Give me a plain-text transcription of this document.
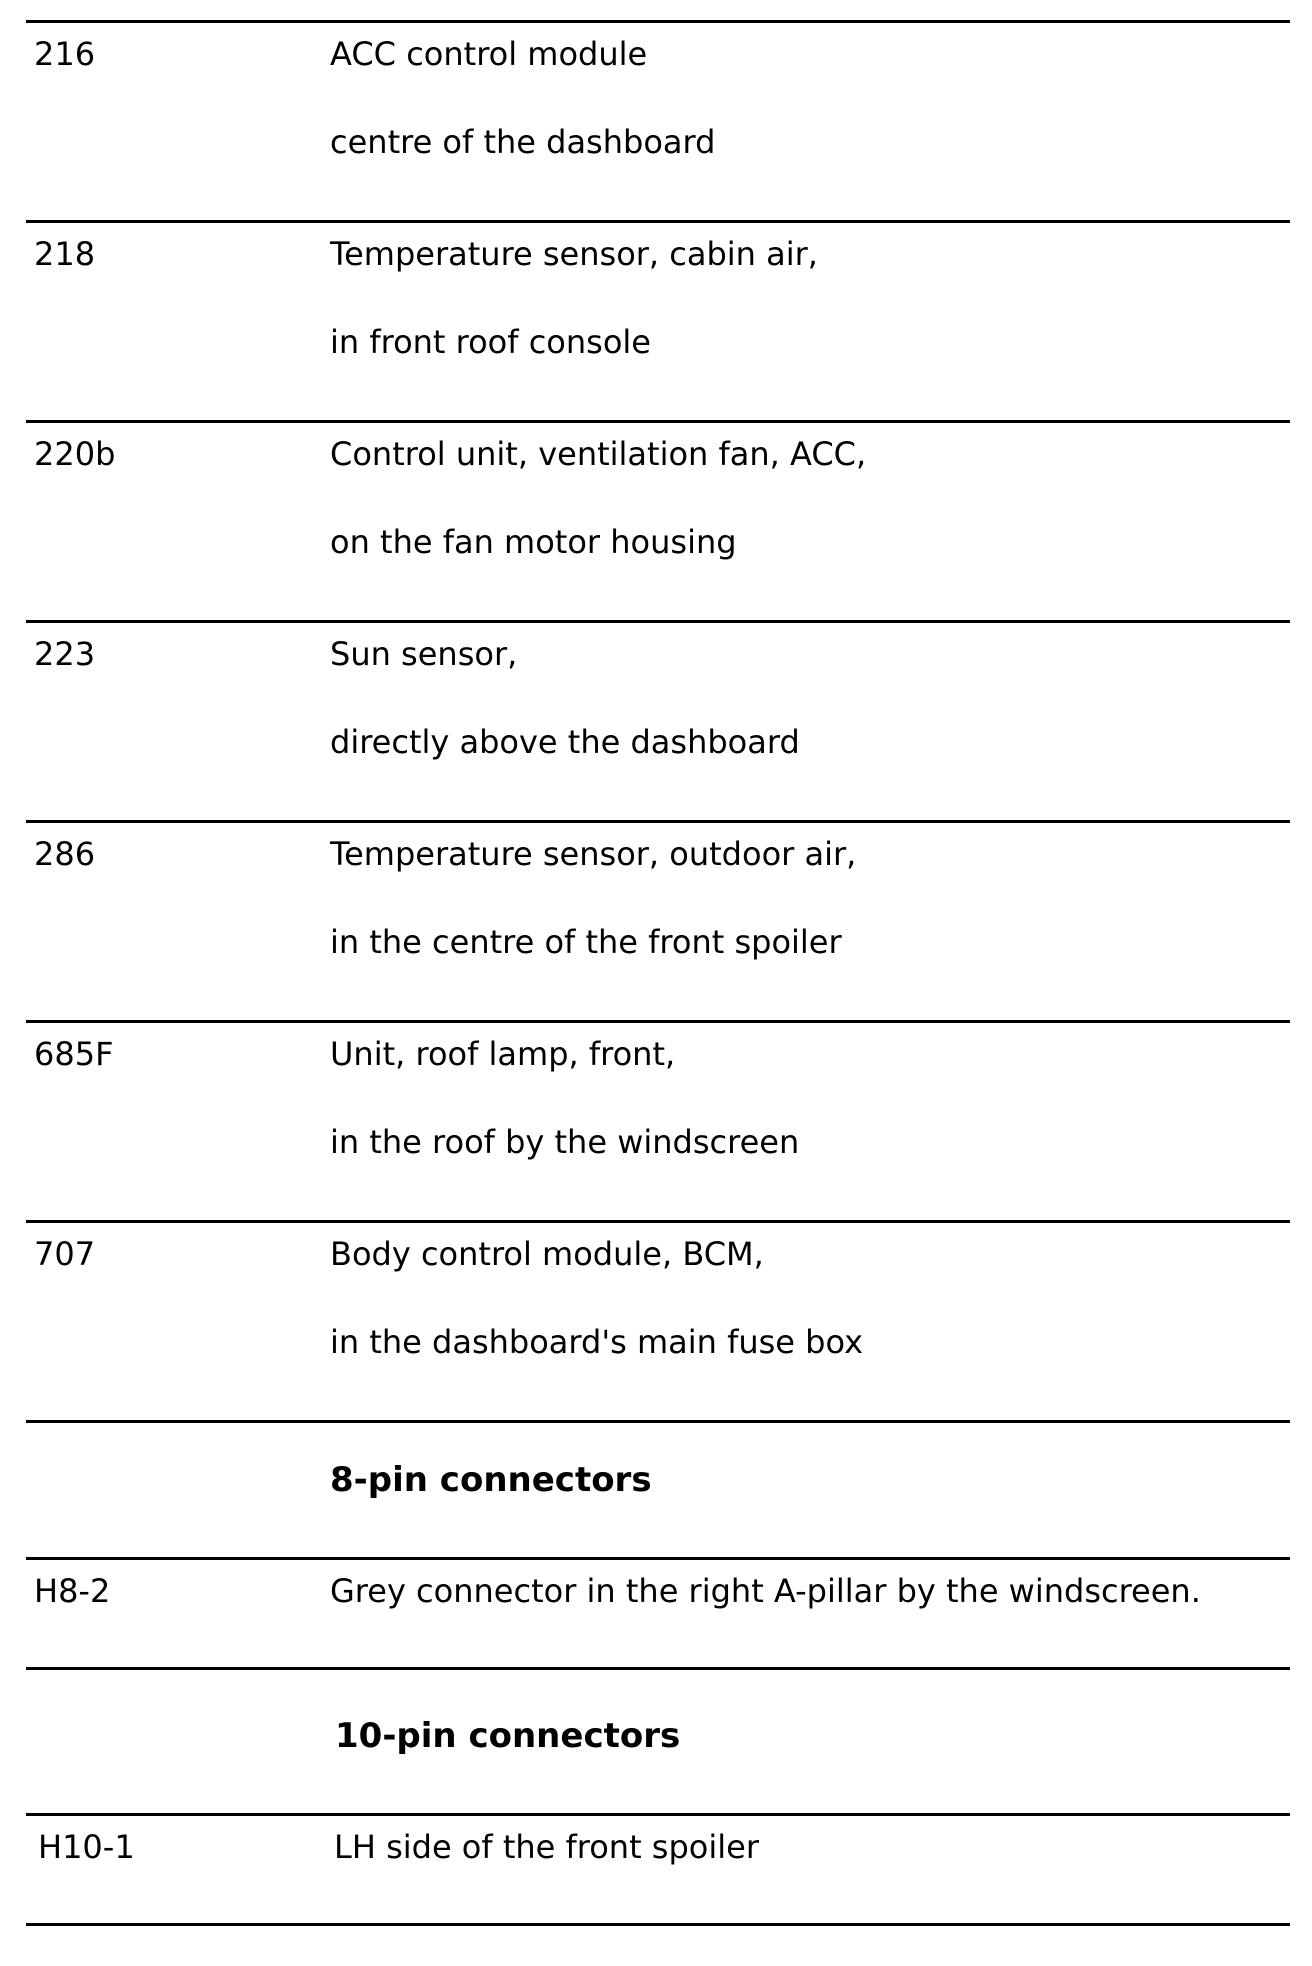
216	ACC control module
centre of the dashboard
218	Temperature sensor, cabin air,
in front roof console
220b	Control unit, ventilation fan, ACC,
on the fan motor housing
223	Sun sensor,
directly above the dashboard
286	Temperature sensor, outdoor air,
in the centre of the front spoiler
685F	Unit, roof lamp, front,
in the roof by the windscreen
707	Body control module, BCM,
in the dashboard's main fuse box
8-pin connectors
H8-2	Grey connector in the right A-pillar by the windscreen.
10-pin connectors
H10-1	LH side of the front spoiler
